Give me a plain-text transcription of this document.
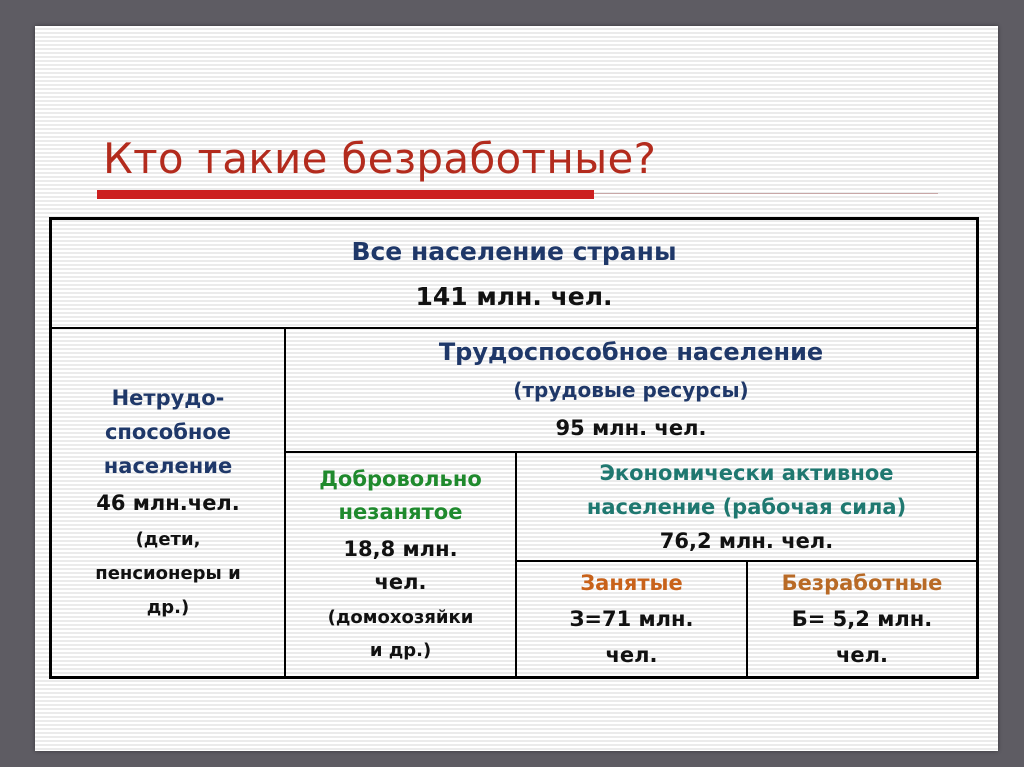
Кто такие безработные?
Все население страны
141 млн. чел.
Нетрудо-
способное
население
46 млн.чел.
(дети,
пенсионеры и
др.)
Трудоспособное население
(трудовые ресурсы)
95 млн. чел.
Добровольно
незанятое
18,8 млн.
чел.
(домохозяйки
и др.)
Экономически активное
население (рабочая сила)
76,2 млн. чел.
Занятые
З=71 млн.
чел.
Безработные
Б= 5,2 млн.
чел.
